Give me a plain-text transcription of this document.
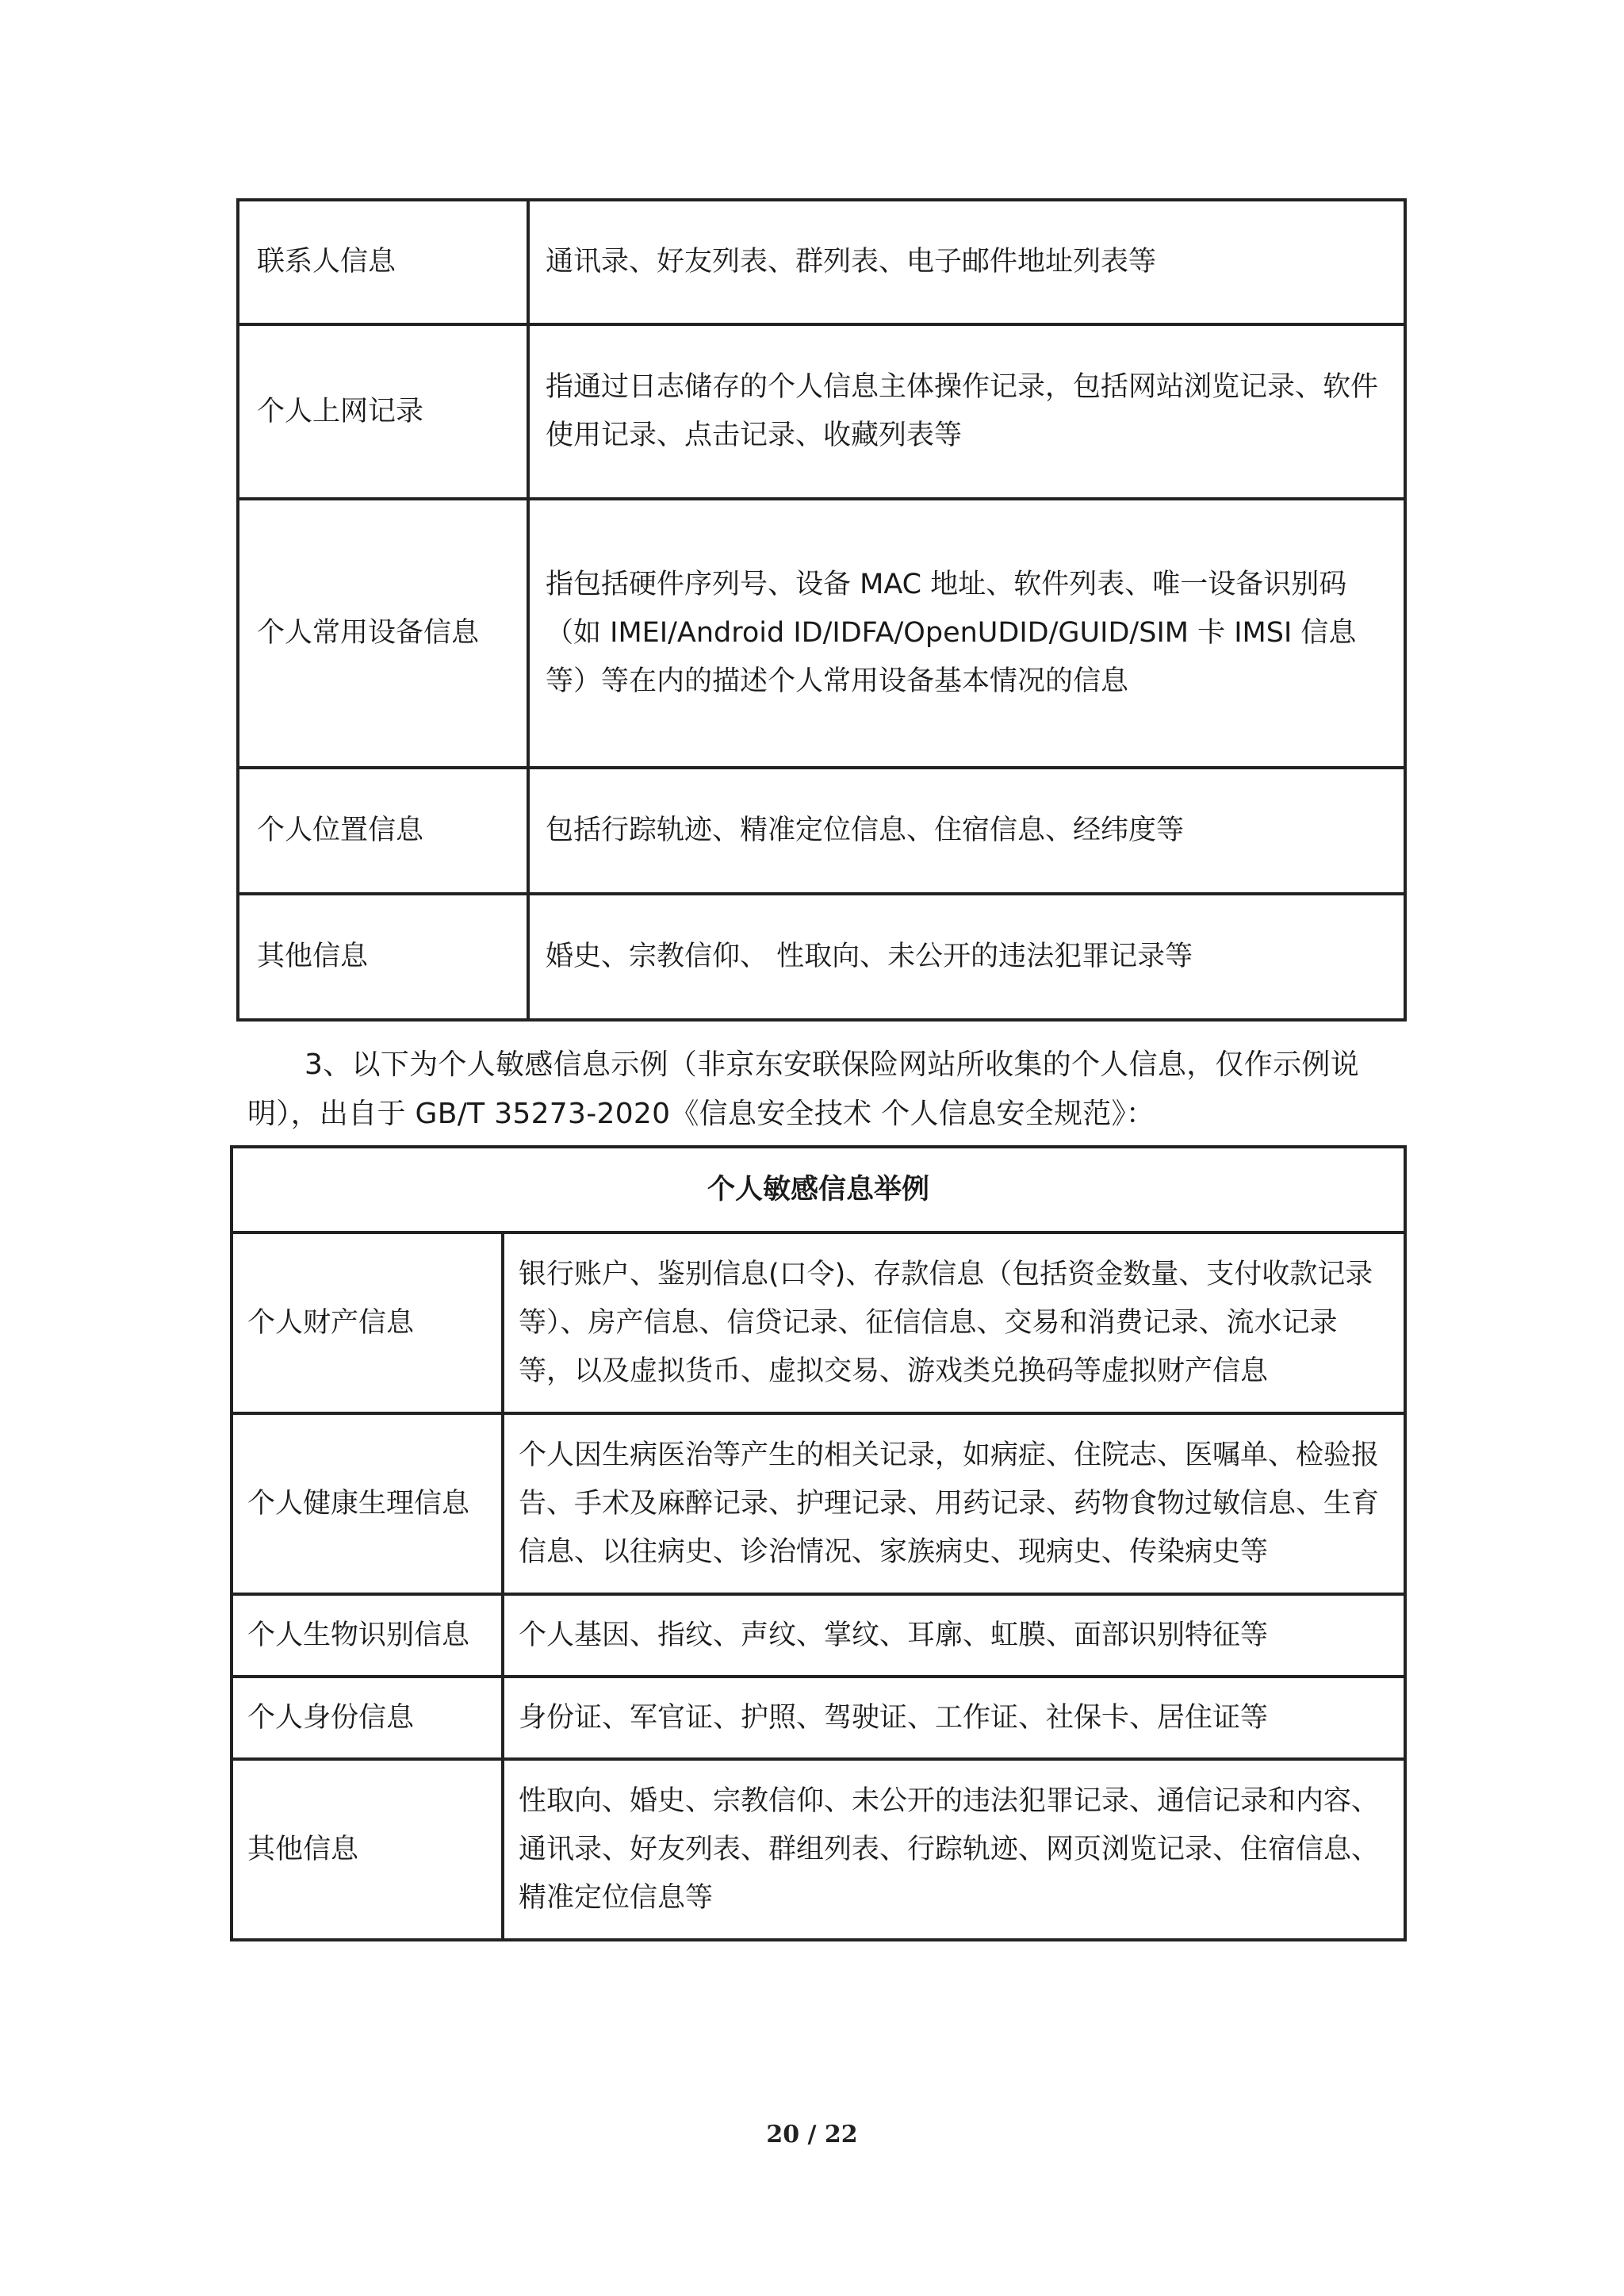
联系人信息	通讯录、好友列表、群列表、电子邮件地址列表等
个人上网记录	指通过日志储存的个人信息主体操作记录，包括网站浏览记录、软件使用记录、点击记录、收藏列表等
个人常用设备信息	指包括硬件序列号、设备 MAC 地址、软件列表、唯一设备识别码（如 IMEI/Android ID/IDFA/OpenUDID/GUID/SIM 卡 IMSI 信息等）等在内的描述个人常用设备基本情况的信息
个人位置信息	包括行踪轨迹、精准定位信息、住宿信息、经纬度等
其他信息	婚史、宗教信仰、 性取向、未公开的违法犯罪记录等

3、以下为个人敏感信息示例（非京东安联保险网站所收集的个人信息，仅作示例说明），出自于 GB/T 35273-2020《信息安全技术 个人信息安全规范》：

个人敏感信息举例	
个人财产信息	银行账户、鉴别信息(口令)、存款信息（包括资金数量、支付收款记录等）、房产信息、信贷记录、征信信息、交易和消费记录、流水记录等，以及虚拟货币、虚拟交易、游戏类兑换码等虚拟财产信息
个人健康生理信息	个人因生病医治等产生的相关记录，如病症、住院志、医嘱单、检验报告、手术及麻醉记录、护理记录、用药记录、药物食物过敏信息、生育信息、以往病史、诊治情况、家族病史、现病史、传染病史等
个人生物识别信息	个人基因、指纹、声纹、掌纹、耳廓、虹膜、面部识别特征等
个人身份信息	身份证、军官证、护照、驾驶证、工作证、社保卡、居住证等
其他信息	性取向、婚史、宗教信仰、未公开的违法犯罪记录、通信记录和内容、通讯录、好友列表、群组列表、行踪轨迹、网页浏览记录、住宿信息、精准定位信息等
20 / 22
